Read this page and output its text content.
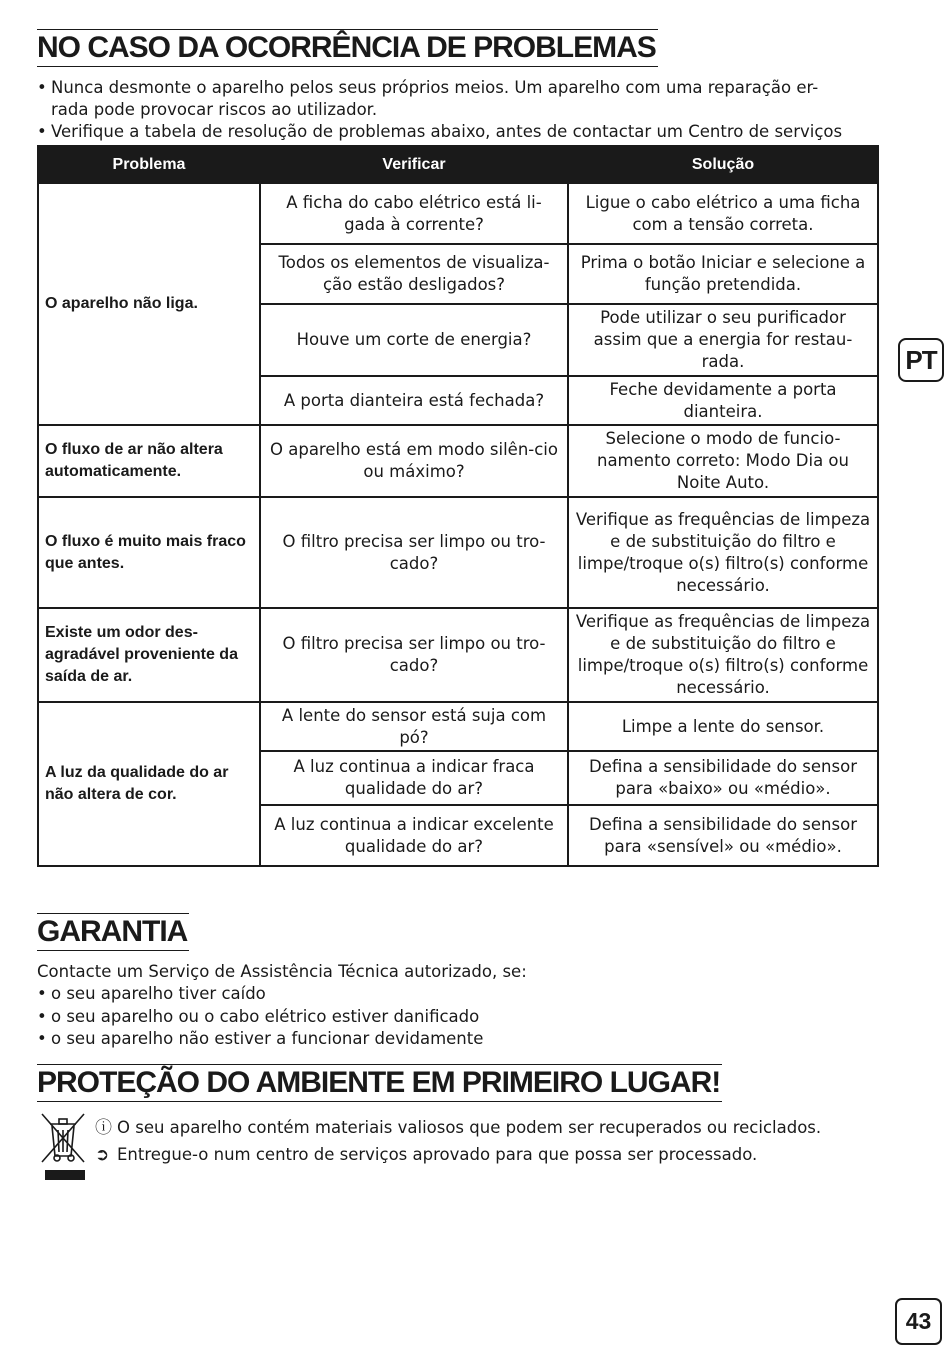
NO CASO DA OCORRÊNCIA DE PROBLEMAS
• Nunca desmonte o aparelho pelos seus próprios meios. Um aparelho com uma reparação er-
rada pode provocar riscos ao utilizador.
• Verifique a tabela de resolução de problemas abaixo, antes de contactar um Centro de serviços
Problema	Verificar	Solução
O aparelho não liga.	A ficha do cabo elétrico está li-gada à corrente?	Ligue o cabo elétrico a uma ficha com a tensão correta.
	Todos os elementos de visualiza-ção estão desligados?	Prima o botão Iniciar e selecione a função pretendida.
	Houve um corte de energia?	Pode utilizar o seu purificador assim que a energia for restau-rada.
	A porta dianteira está fechada?	Feche devidamente a porta dianteira.
O fluxo de ar não altera automaticamente.	O aparelho está em modo silên-cio ou máximo?	Selecione o modo de funcio-namento correto: Modo Dia ou Noite Auto.
O fluxo é muito mais fraco que antes.	O filtro precisa ser limpo ou tro-cado?	Verifique as frequências de limpeza e de substituição do filtro e limpe/troque o(s) filtro(s) conforme necessário.
Existe um odor des-agradável proveniente da saída de ar.	O filtro precisa ser limpo ou tro-cado?	Verifique as frequências de limpeza e de substituição do filtro e limpe/troque o(s) filtro(s) conforme necessário.
A luz da qualidade do ar não altera de cor.	A lente do sensor está suja com pó?	Limpe a lente do sensor.
	A luz continua a indicar fraca qualidade do ar?	Defina a sensibilidade do sensor para «baixo» ou «médio».
	A luz continua a indicar excelente qualidade do ar?	Defina a sensibilidade do sensor para «sensível» ou «médio».
PT
GARANTIA
Contacte um Serviço de Assistência Técnica autorizado, se:
• o seu aparelho tiver caído
• o seu aparelho ou o cabo elétrico estiver danificado
• o seu aparelho não estiver a funcionar devidamente
PROTEÇÃO DO AMBIENTE EM PRIMEIRO LUGAR!
ⓘ O seu aparelho contém materiais valiosos que podem ser recuperados ou reciclados.
➲ Entregue-o num centro de serviços aprovado para que possa ser processado.
43
